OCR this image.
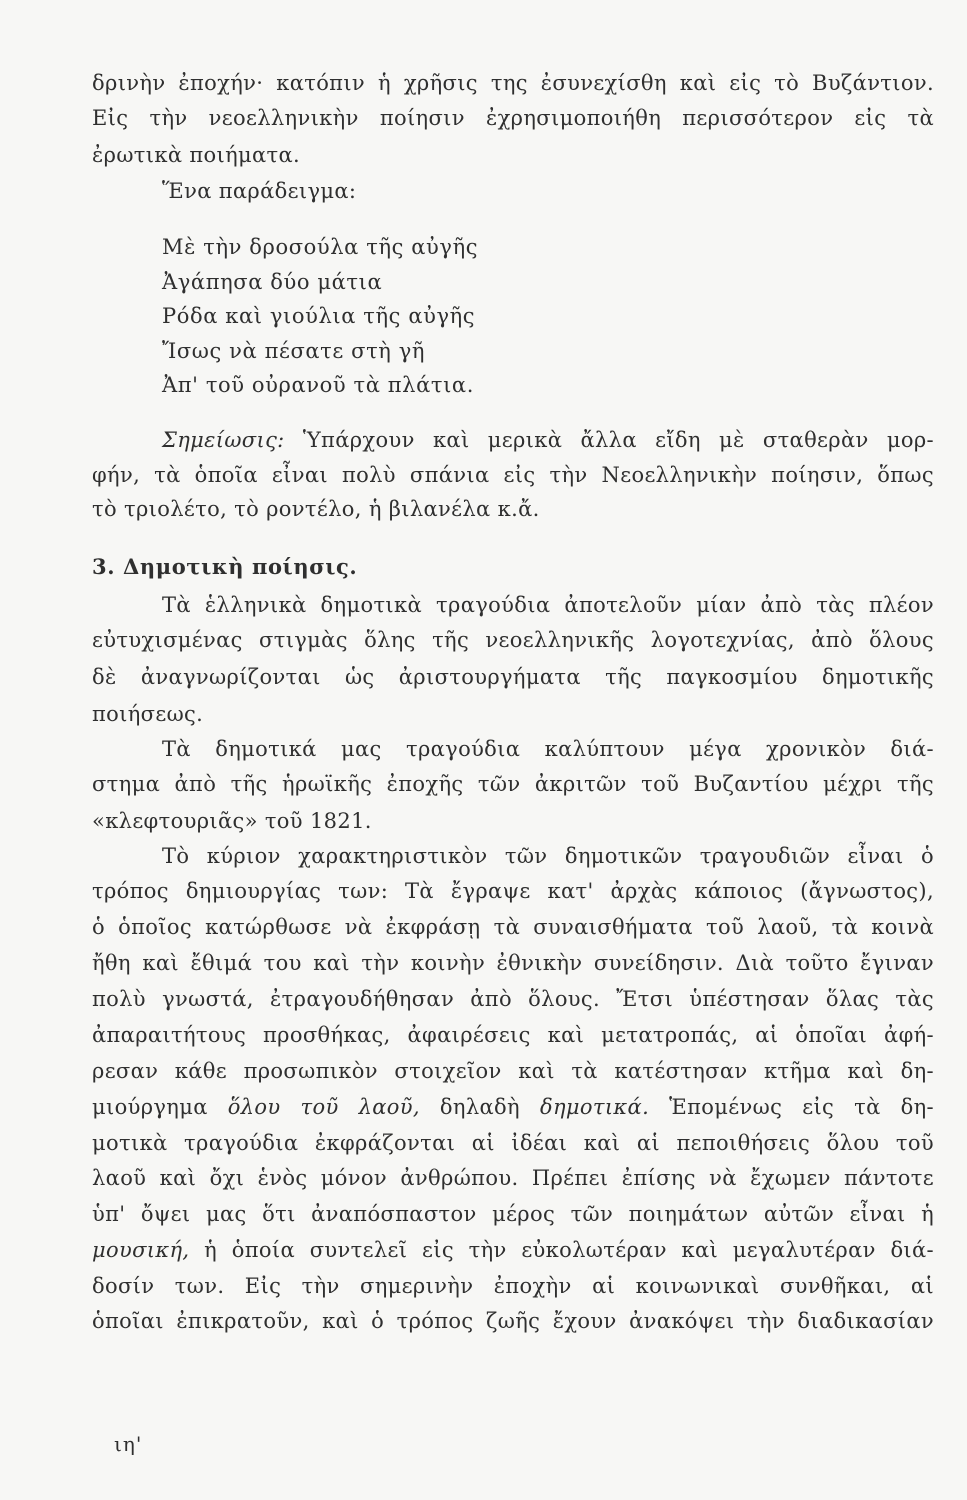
δρινὴν ἐποχήν· κατόπιν ἡ χρῆσις της ἐσυνεχίσθη καὶ εἰς τὸ Βυζάντιον.
Εἰς τὴν νεοελληνικὴν ποίησιν ἐχρησιμοποιήθη περισσότερον εἰς τὰ
ἐρωτικὰ ποιήματα.
Ἕνα παράδειγμα:
Μὲ τὴν δροσούλα τῆς αὐγῆς
Ἀγάπησα δύο μάτια
Ρόδα καὶ γιούλια τῆς αὐγῆς
Ἴσως νὰ πέσατε στὴ γῆ
Ἀπ' τοῦ οὐρανοῦ τὰ πλάτια.
Σημείωσις: Ὑπάρχουν καὶ μερικὰ ἄλλα εἴδη μὲ σταθερὰν μορ-
φήν, τὰ ὁποῖα εἶναι πολὺ σπάνια εἰς τὴν Νεοελληνικὴν ποίησιν, ὅπως
τὸ τριολέτο, τὸ ροντέλο, ἡ βιλανέλα κ.ἄ.
3. Δημοτικὴ ποίησις.
Τὰ ἑλληνικὰ δημοτικὰ τραγούδια ἀποτελοῦν μίαν ἀπὸ τὰς πλέον
εὐτυχισμένας στιγμὰς ὅλης τῆς νεοελληνικῆς λογοτεχνίας, ἀπὸ ὅλους
δὲ ἀναγνωρίζονται ὡς ἀριστουργήματα τῆς παγκοσμίου δημοτικῆς
ποιήσεως.
Τὰ δημοτικά μας τραγούδια καλύπτουν μέγα χρονικὸν διά-
στημα ἀπὸ τῆς ἡρωϊκῆς ἐποχῆς τῶν ἀκριτῶν τοῦ Βυζαντίου μέχρι τῆς
«κλεφτουριᾶς» τοῦ 1821.
Τὸ κύριον χαρακτηριστικὸν τῶν δημοτικῶν τραγουδιῶν εἶναι ὁ
τρόπος δημιουργίας των: Τὰ ἔγραψε κατ' ἀρχὰς κάποιος (ἄγνωστος),
ὁ ὁποῖος κατώρθωσε νὰ ἐκφράσῃ τὰ συναισθήματα τοῦ λαοῦ, τὰ κοινὰ
ἤθη καὶ ἔθιμά του καὶ τὴν κοινὴν ἐθνικὴν συνείδησιν. Διὰ τοῦτο ἔγιναν
πολὺ γνωστά, ἐτραγουδήθησαν ἀπὸ ὅλους. Ἔτσι ὑπέστησαν ὅλας τὰς
ἀπαραιτήτους προσθήκας, ἀφαιρέσεις καὶ μετατροπάς, αἱ ὁποῖαι ἀφή-
ρεσαν κάθε προσωπικὸν στοιχεῖον καὶ τὰ κατέστησαν κτῆμα καὶ δη-
μιούργημα ὅλου τοῦ λαοῦ, δηλαδὴ δημοτικά. Ἑπομένως εἰς τὰ δη-
μοτικὰ τραγούδια ἐκφράζονται αἱ ἰδέαι καὶ αἱ πεποιθήσεις ὅλου τοῦ
λαοῦ καὶ ὄχι ἑνὸς μόνον ἀνθρώπου. Πρέπει ἐπίσης νὰ ἔχωμεν πάντοτε
ὑπ' ὄψει μας ὅτι ἀναπόσπαστον μέρος τῶν ποιημάτων αὐτῶν εἶναι ἡ
μουσική, ἡ ὁποία συντελεῖ εἰς τὴν εὐκολωτέραν καὶ μεγαλυτέραν διά-
δοσίν των. Εἰς τὴν σημερινὴν ἐποχὴν αἱ κοινωνικαὶ συνθῆκαι, αἱ
ὁποῖαι ἐπικρατοῦν, καὶ ὁ τρόπος ζωῆς ἔχουν ἀνακόψει τὴν διαδικασίαν
ιη'
